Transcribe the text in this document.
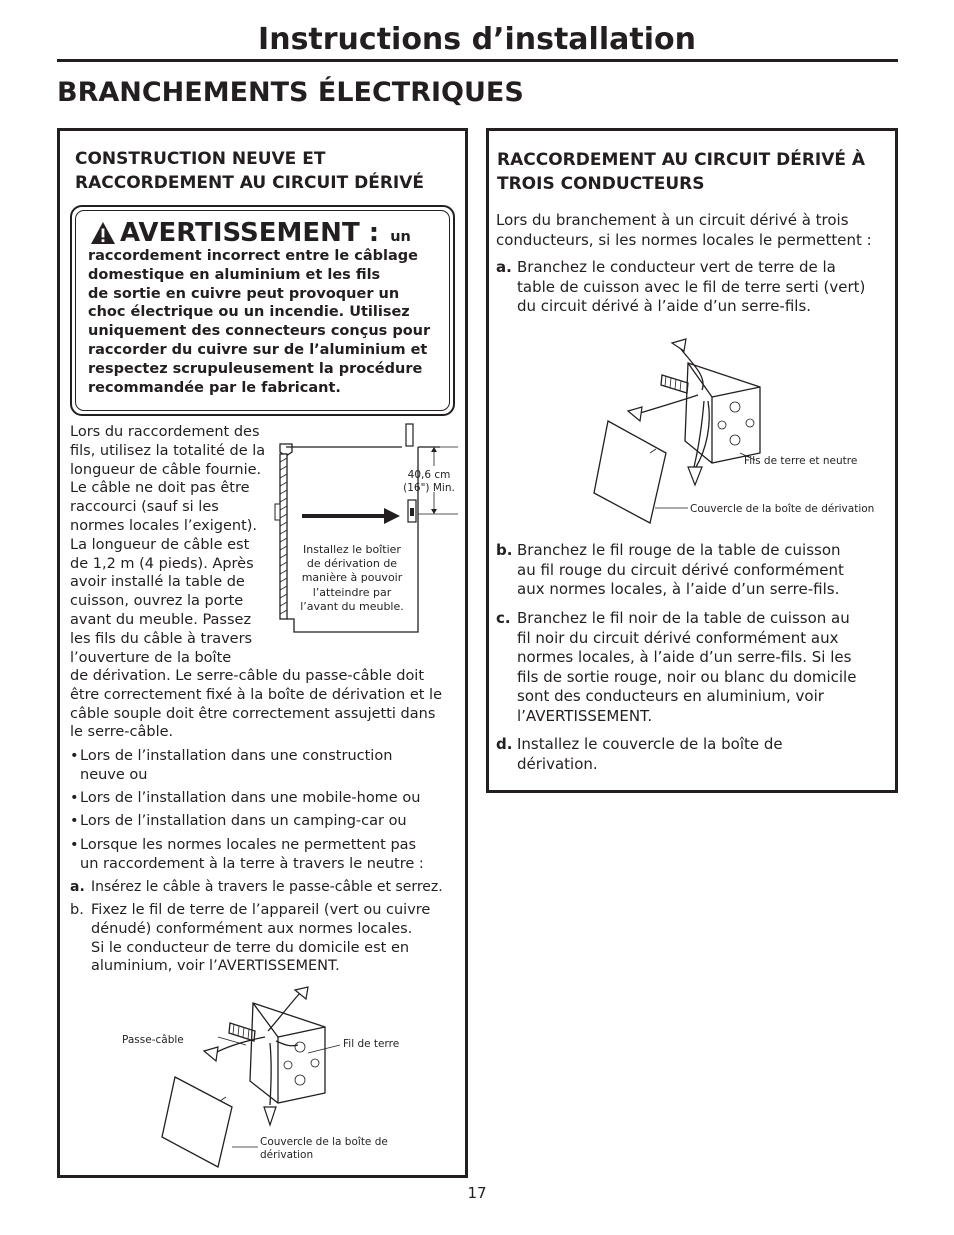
Instructions d’installation
BRANCHEMENTS ÉLECTRIQUES
CONSTRUCTION NEUVE ET
RACCORDEMENT AU CIRCUIT DÉRIVÉ
AVERTISSEMENT : un
raccordement incorrect entre le câblage
domestique en aluminium et les fils
de sortie en cuivre peut provoquer un
choc électrique ou un incendie. Utilisez
uniquement des connecteurs conçus pour
raccorder du cuivre sur de l’aluminium et
respectez scrupuleusement la procédure
recommandée par le fabricant.
Lors du raccordement des
fils, utilisez la totalité de la
longueur de câble fournie.
Le câble ne doit pas être
raccourci (sauf si les
normes locales l’exigent).
La longueur de câble est
de 1,2 m (4 pieds). Après
avoir installé la table de
cuisson, ouvrez la porte
avant du meuble. Passez
les fils du câble à travers
l’ouverture de la boîte
de dérivation. Le serre-câble du passe-câble doit
être correctement fixé à la boîte de dérivation et le
câble souple doit être correctement assujetti dans
le serre-câble.
40,6 cm
(16") Min.
Installez le boîtier
de dérivation de
manière à pouvoir
l’atteindre par
l’avant du meuble.
• Lors de l’installation dans une construction
neuve ou
• Lors de l’installation dans une mobile-home ou
• Lors de l’installation dans un camping-car ou
• Lorsque les normes locales ne permettent pas
un raccordement à la terre à travers le neutre :
a. Insérez le câble à travers le passe-câble et serrez.
b. Fixez le fil de terre de l’appareil (vert ou cuivre
dénudé) conformément aux normes locales.
Si le conducteur de terre du domicile est en
aluminium, voir l’AVERTISSEMENT.
Passe-câble	Fil de terre
Couvercle de la boîte de
dérivation
RACCORDEMENT AU CIRCUIT DÉRIVÉ À
TROIS CONDUCTEURS
Lors du branchement à un circuit dérivé à trois
conducteurs, si les normes locales le permettent :
a. Branchez le conducteur vert de terre de la
table de cuisson avec le fil de terre serti (vert)
du circuit dérivé à l’aide d’un serre-fils.
Fils de terre et neutre
Couvercle de la boîte de dérivation
b. Branchez le fil rouge de la table de cuisson
au fil rouge du circuit dérivé conformément
aux normes locales, à l’aide d’un serre-fils.
c. Branchez le fil noir de la table de cuisson au
fil noir du circuit dérivé conformément aux
normes locales, à l’aide d’un serre-fils. Si les
fils de sortie rouge, noir ou blanc du domicile
sont des conducteurs en aluminium, voir
l’AVERTISSEMENT.
d. Installez le couvercle de la boîte de
dérivation.
17
